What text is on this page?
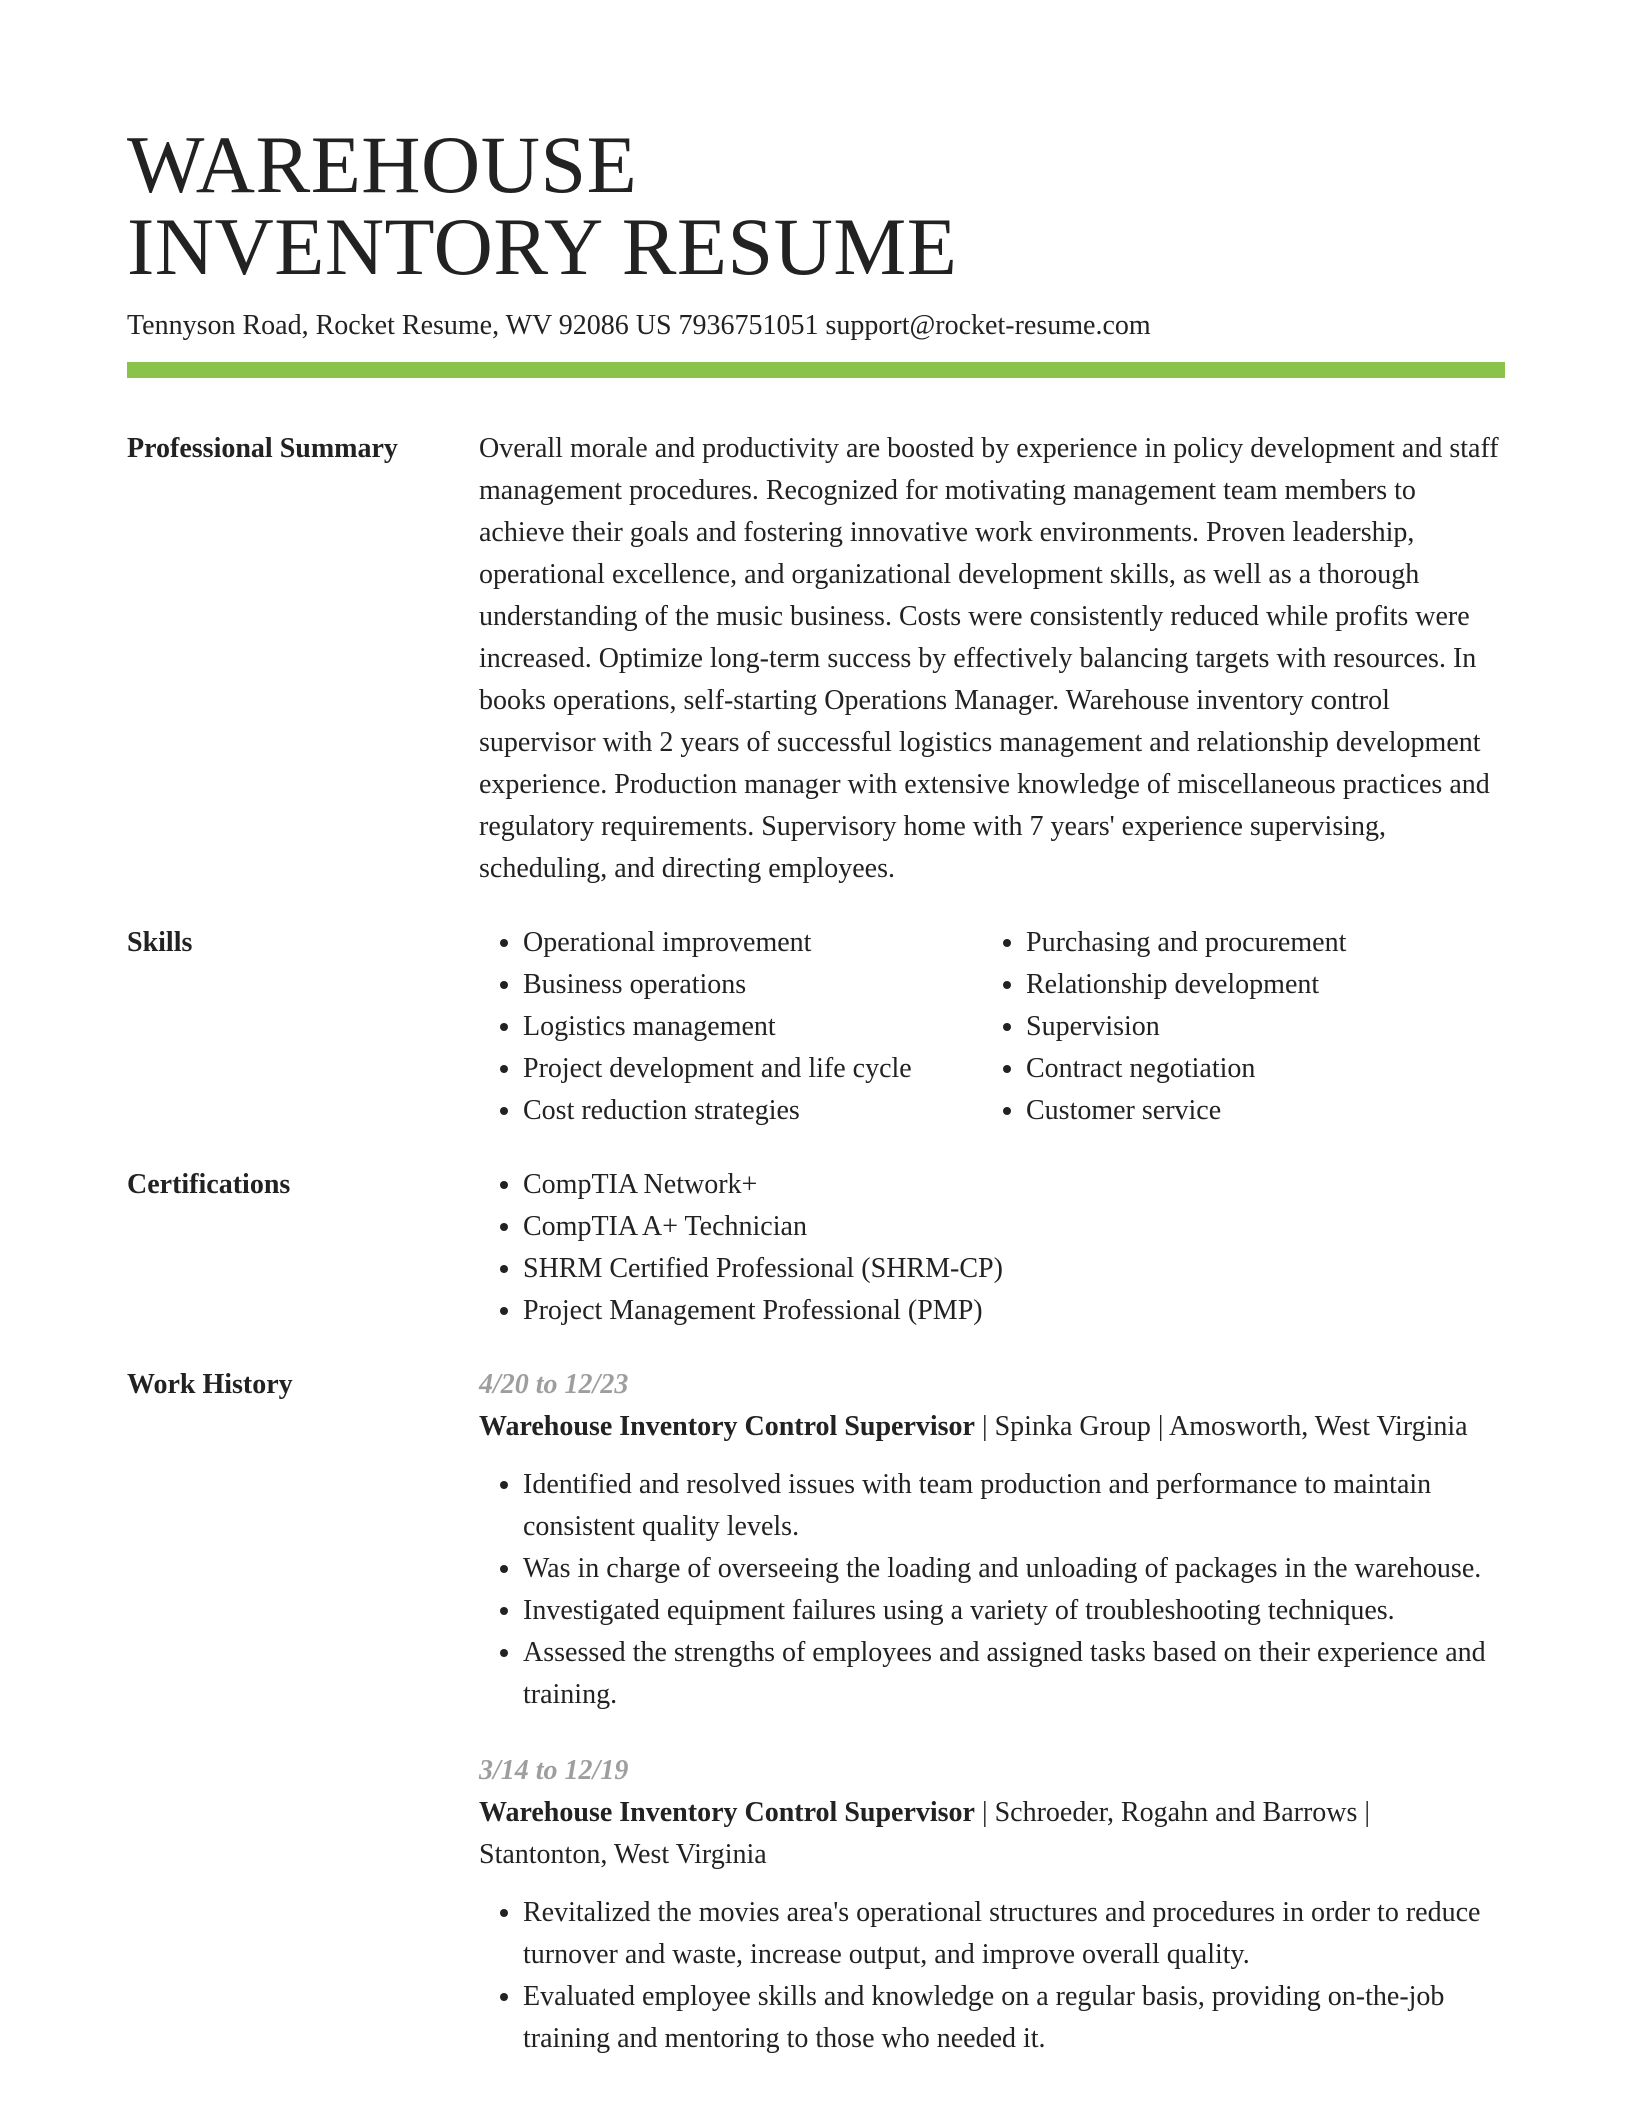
WAREHOUSE
INVENTORY RESUME
Tennyson Road, Rocket Resume, WV 92086 US 7936751051 support@rocket-resume.com
Professional Summary	Overall morale and productivity are boosted by experience in policy development and staff management procedures. Recognized for motivating management team members to achieve their goals and fostering innovative work environments. Proven leadership, operational excellence, and organizational development skills, as well as a thorough understanding of the music business. Costs were consistently reduced while profits were increased. Optimize long-term success by effectively balancing targets with resources. In books operations, self-starting Operations Manager. Warehouse inventory control supervisor with 2 years of successful logistics management and relationship development experience. Production manager with extensive knowledge of miscellaneous practices and regulatory requirements. Supervisory home with 7 years' experience supervising, scheduling, and directing employees.
Skills	• Operational improvement
• Business operations
• Logistics management
• Project development and life cycle
• Cost reduction strategies
• Purchasing and procurement
• Relationship development
• Supervision
• Contract negotiation
• Customer service
Certifications	• CompTIA Network+
• CompTIA A+ Technician
• SHRM Certified Professional (SHRM-CP)
• Project Management Professional (PMP)
Work History	4/20 to 12/23
Warehouse Inventory Control Supervisor | Spinka Group | Amosworth, West Virginia
• Identified and resolved issues with team production and performance to maintain consistent quality levels.
• Was in charge of overseeing the loading and unloading of packages in the warehouse.
• Investigated equipment failures using a variety of troubleshooting techniques.
• Assessed the strengths of employees and assigned tasks based on their experience and training.
3/14 to 12/19
Warehouse Inventory Control Supervisor | Schroeder, Rogahn and Barrows | Stantonton, West Virginia
• Revitalized the movies area's operational structures and procedures in order to reduce turnover and waste, increase output, and improve overall quality.
• Evaluated employee skills and knowledge on a regular basis, providing on-the-job training and mentoring to those who needed it.
